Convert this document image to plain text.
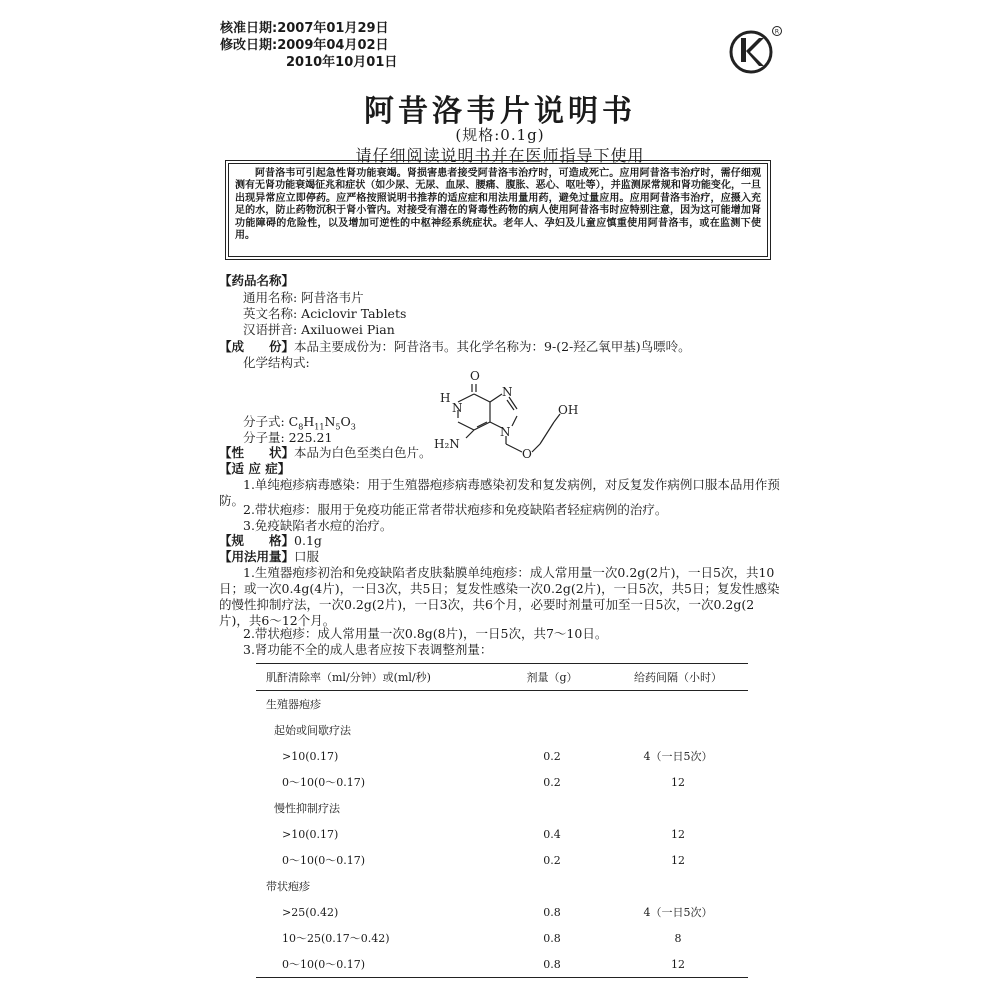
核准日期:2007年01月29日
修改日期:2009年04月02日
2010年10月01日
R
阿昔洛韦片说明书
(规格:0.1g)
请仔细阅读说明书并在医师指导下使用

阿昔洛韦可引起急性肾功能衰竭。肾损害患者接受阿昔洛韦治疗时，可造成死亡。应用阿昔洛韦治疗时，需仔细观测有无肾功能衰竭征兆和症状（如少尿、无尿、血尿、腰痛、腹胀、恶心、呕吐等），并监测尿常规和肾功能变化，一旦出现异常应立即停药。应严格按照说明书推荐的适应症和用法用量用药，避免过量应用。应用阿昔洛韦治疗，应摄入充足的水，防止药物沉积于肾小管内。对接受有潜在的肾毒性药物的病人使用阿昔洛韦时应特别注意，因为这可能增加肾功能障碍的危险性，以及增加可逆性的中枢神经系统症状。老年人、孕妇及儿童应慎重使用阿昔洛韦，或在监测下使用。

【药品名称】
通用名称: 阿昔洛韦片
英文名称: Aciclovir Tablets
汉语拼音: Axiluowei Pian
【成　　份】本品主要成份为：阿昔洛韦。其化学名称为：9-(2-羟乙氧甲基)鸟嘌呤。
化学结构式:
O
H
N
N
N
H₂N
O
OH
分子式: $C_8H_{11}N_5O_3$
分子量: 225.21
【性　　状】本品为白色至类白色片。
【适 应 症】
1.单纯疱疹病毒感染：用于生殖器疱疹病毒感染初发和复发病例，对反复发作病例口服本品用作预防。
2.带状疱疹：服用于免疫功能正常者带状疱疹和免疫缺陷者轻症病例的治疗。
3.免疫缺陷者水痘的治疗。
【规　　格】0.1g
【用法用量】口服
1.生殖器疱疹初治和免疫缺陷者皮肤黏膜单纯疱疹：成人常用量一次0.2g(2片)，一日5次，共10日；或一次0.4g(4片)，一日3次，共5日；复发性感染一次0.2g(2片)，一日5次，共5日；复发性感染的慢性抑制疗法，一次0.2g(2片)，一日3次，共6个月，必要时剂量可加至一日5次，一次0.2g(2片)，共6～12个月。
2.带状疱疹：成人常用量一次0.8g(8片)，一日5次，共7～10日。
3.肾功能不全的成人患者应按下表调整剂量：
肌酐清除率（ml/分钟）或(ml/秒)	剂量（g）	给药间隔（小时）
生殖器疱疹		
起始或间歇疗法		
>10(0.17)	0.2	4（一日5次）
0～10(0～0.17)	0.2	12
慢性抑制疗法		
>10(0.17)	0.4	12
0～10(0～0.17)	0.2	12
带状疱疹		
>25(0.42)	0.8	4（一日5次）
10～25(0.17～0.42)	0.8	8
0～10(0～0.17)	0.8	12
